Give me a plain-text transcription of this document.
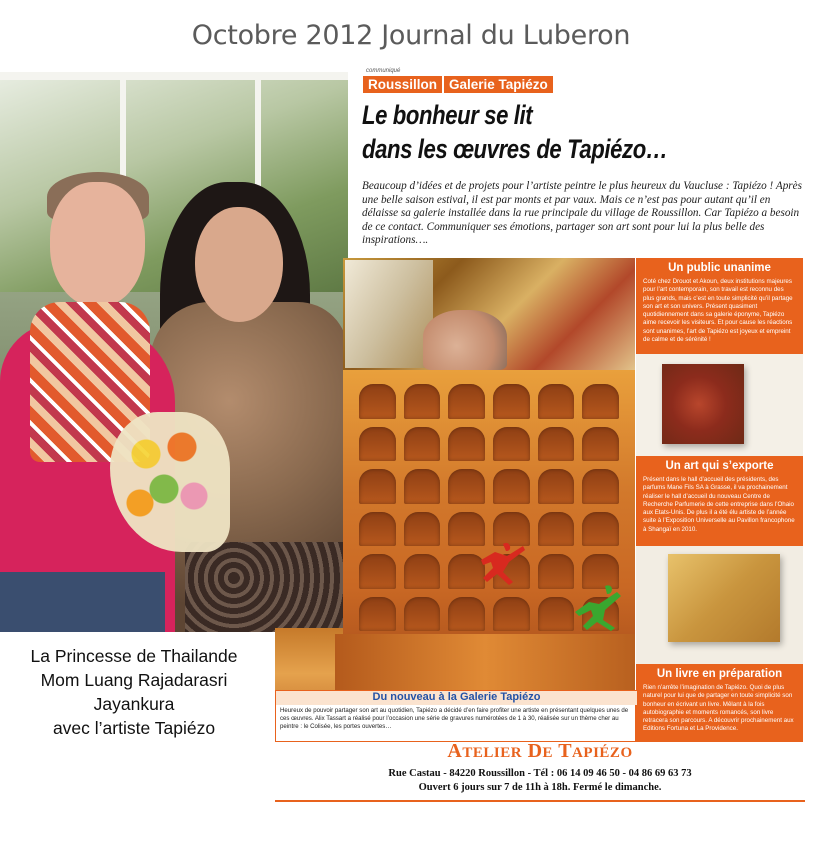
Octobre 2012 Journal du Luberon
La Princesse de Thailande
Mom Luang Rajadarasri Jayankura
avec l’artiste Tapiézo
communiqué
Roussillon Galerie Tapiézo
Le bonheur se lit
dans les œuvres de Tapiézo…
Beaucoup d’idées et de projets pour l’artiste peintre le plus heureux du Vaucluse : Tapiézo ! Après une belle saison estival, il est par monts et par vaux. Mais ce n’est pas pour autant qu’il en délaisse sa galerie installée dans la rue principale du village de Roussillon. Car Tapiézo a besoin de ce contact. Communiquer ses émotions, partager son art sont pour lui la plus belle des inspirations….
Un public unanime
Coté chez Drouot et Akoun, deux institutions majeures pour l’art contemporain, son travail est reconnu des plus grands, mais c’est en toute simplicité qu’il partage son art et son univers. Présent quasiment quotidiennement dans sa galerie éponyme, Tapiézo aime recevoir les visiteurs. Et pour cause les réactions sont unanimes, l’art de Tapiézo est joyeux et empreint de calme et de sérénité !
Un art qui s’exporte
Présent dans le hall d’accueil des présidents, des parfums Mane Fils SA à Grasse, il va prochainement réaliser le hall d’accueil du nouveau Centre de Recherche Parfumerie de cette entreprise dans l’Ohaio aux Etats-Unis. De plus il a été élu artiste de l’année suite à l’Exposition Universelle au Pavillon francophone à Shangaï en 2010.
Un livre en préparation
Rien n’arrête l’imagination de Tapiézo. Quoi de plus naturel pour lui que de partager en toute simplicité son bonheur en écrivant un livre. Mêlant à la fois autobiographie et moments romancés, son livre retracera son parcours. A découvrir prochainement aux Editions Fortuna et La Providence.
Du nouveau à la Galerie Tapiézo
Heureux de pouvoir partager son art au quotidien, Tapiézo a décidé d’en faire profiter une artiste en présentant quelques unes de ces œuvres. Alix Tassart a réalisé pour l’occasion une série de gravures numérotées de 1 à 30, réalisée sur un thème cher au peintre : le Colisée, les portes ouvertes…
ATELIER DE TAPIÉZO
Rue Castau - 84220 Roussillon - Tél : 06 14 09 46 50 - 04 86 69 63 73
Ouvert 6 jours sur 7 de 11h à 18h. Fermé le dimanche.
